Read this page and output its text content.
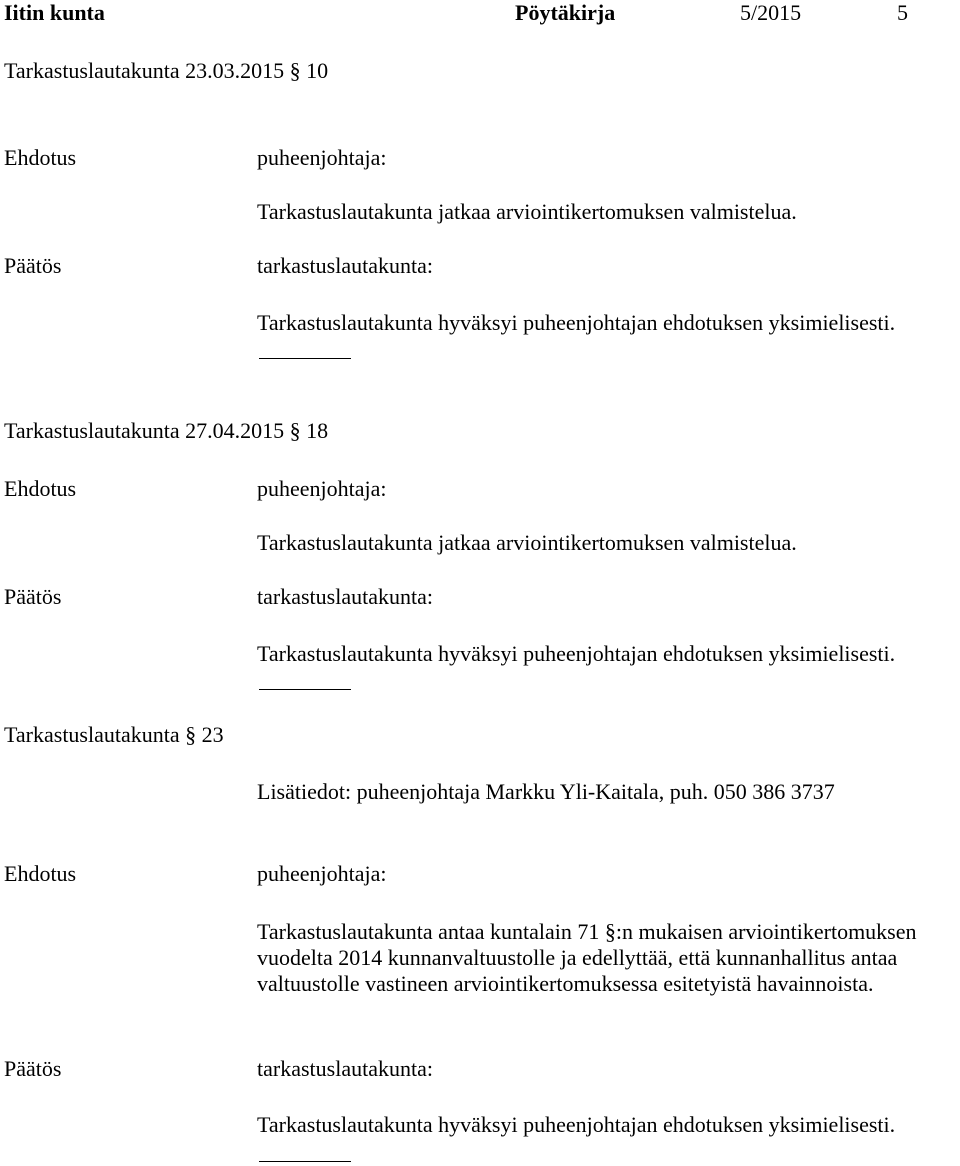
Iitin kunta	Pöytäkirja	5/2015	5
Tarkastuslautakunta 23.03.2015 § 10
Ehdotus	puheenjohtaja:
Tarkastuslautakunta jatkaa arviointikertomuksen valmistelua.
Päätös	tarkastuslautakunta:
Tarkastuslautakunta hyväksyi puheenjohtajan ehdotuksen yksimielisesti.
Tarkastuslautakunta 27.04.2015 § 18
Ehdotus	puheenjohtaja:
Tarkastuslautakunta jatkaa arviointikertomuksen valmistelua.
Päätös	tarkastuslautakunta:
Tarkastuslautakunta hyväksyi puheenjohtajan ehdotuksen yksimielisesti.
Tarkastuslautakunta § 23
Lisätiedot: puheenjohtaja Markku Yli-Kaitala, puh. 050 386 3737
Ehdotus	puheenjohtaja:
Tarkastuslautakunta antaa kuntalain 71 §:n mukaisen arviointikertomuksen
vuodelta 2014 kunnanvaltuustolle ja edellyttää, että kunnanhallitus antaa
valtuustolle vastineen arviointikertomuksessa esitetyistä havainnoista.
Päätös	tarkastuslautakunta:
Tarkastuslautakunta hyväksyi puheenjohtajan ehdotuksen yksimielisesti.
